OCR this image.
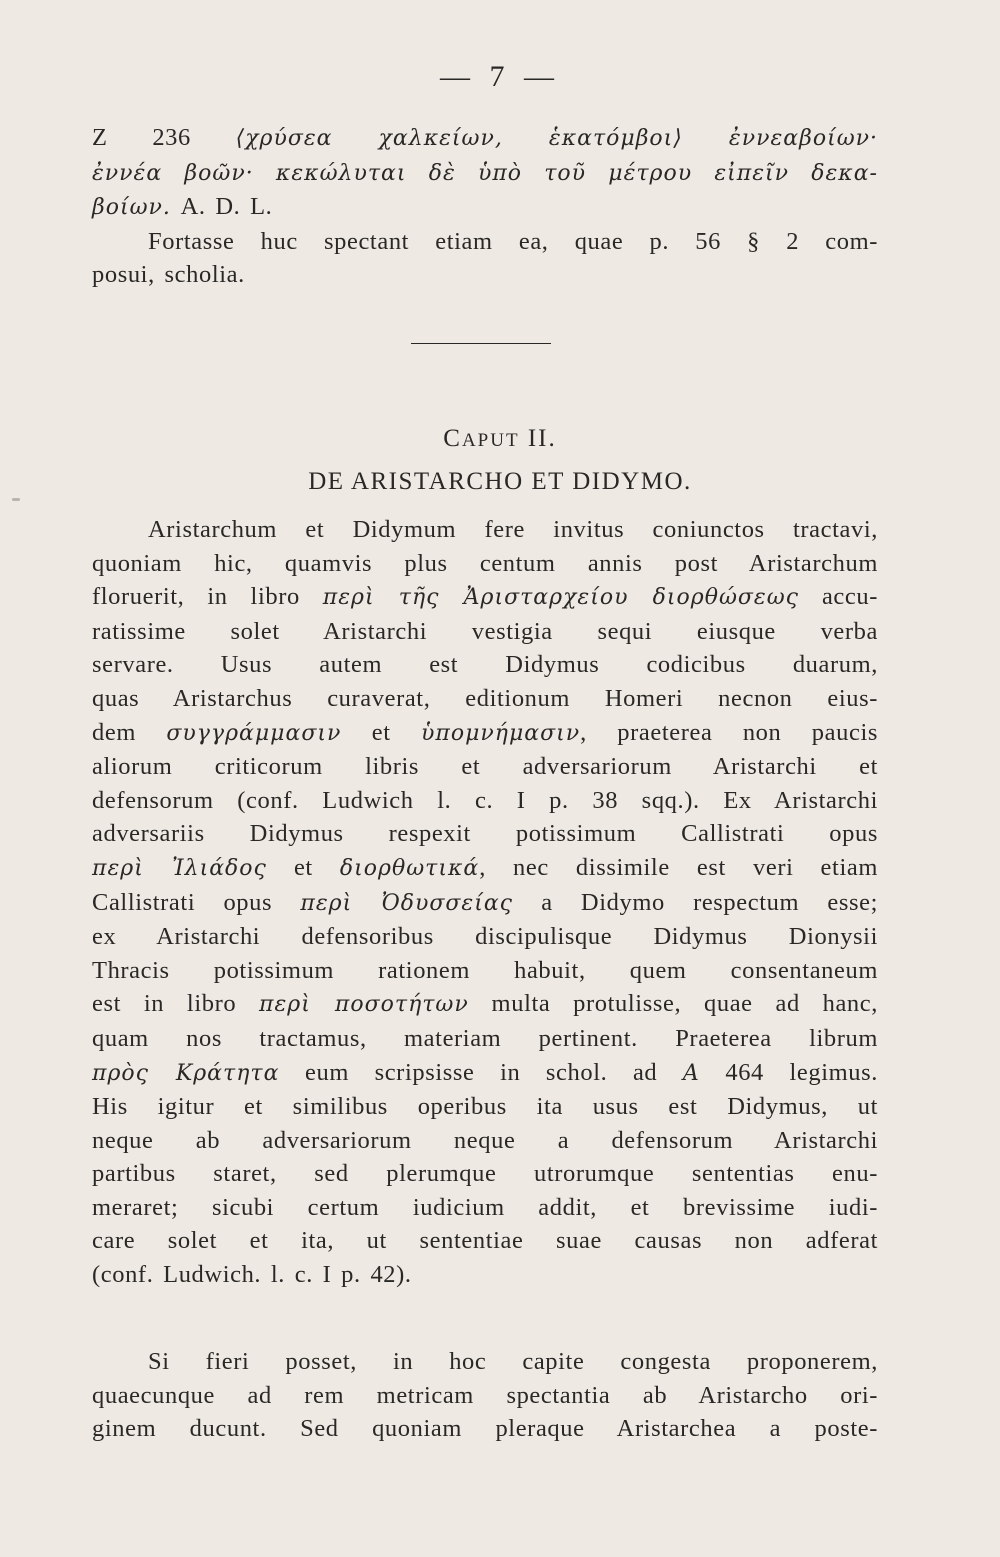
— 7 —
Z 236 ⟨χρύσεα χαλκείων, ἑκατόμβοι⟩ ἐννεαβοίων·
ἐννέα βοῶν· κεκώλυται δὲ ὑπὸ τοῦ μέτρου εἰπεῖν δεκα-
βοίων. A. D. L.
Fortasse huc spectant etiam ea, quae p. 56 § 2 com-
posui, scholia.
CAPUT II.
DE ARISTARCHO ET DIDYMO.
Aristarchum et Didymum fere invitus coniunctos tractavi,
quoniam hic, quamvis plus centum annis post Aristarchum
floruerit, in libro περὶ τῆς Ἀρισταρχείου διορθώσεως accu-
ratissime solet Aristarchi vestigia sequi eiusque verba
servare. Usus autem est Didymus codicibus duarum,
quas Aristarchus curaverat, editionum Homeri necnon eius-
dem συγγράμμασιν et ὑπομνήμασιν, praeterea non paucis
aliorum criticorum libris et adversariorum Aristarchi et
defensorum (conf. Ludwich l. c. I p. 38 sqq.). Ex Aristarchi
adversariis Didymus respexit potissimum Callistrati opus
περὶ Ἰλιάδος et διορθωτικά, nec dissimile est veri etiam
Callistrati opus περὶ Ὀδυσσείας a Didymo respectum esse;
ex Aristarchi defensoribus discipulisque Didymus Dionysii
Thracis potissimum rationem habuit, quem consentaneum
est in libro περὶ ποσοτήτων multa protulisse, quae ad hanc,
quam nos tractamus, materiam pertinent. Praeterea librum
πρὸς Κράτητα eum scripsisse in schol. ad Α 464 legimus.
His igitur et similibus operibus ita usus est Didymus, ut
neque ab adversariorum neque a defensorum Aristarchi
partibus staret, sed plerumque utrorumque sententias enu-
meraret; sicubi certum iudicium addit, et brevissime iudi-
care solet et ita, ut sententiae suae causas non adferat
(conf. Ludwich. l. c. I p. 42).
Si fieri posset, in hoc capite congesta proponerem,
quaecunque ad rem metricam spectantia ab Aristarcho ori-
ginem ducunt. Sed quoniam pleraque Aristarchea a poste-
